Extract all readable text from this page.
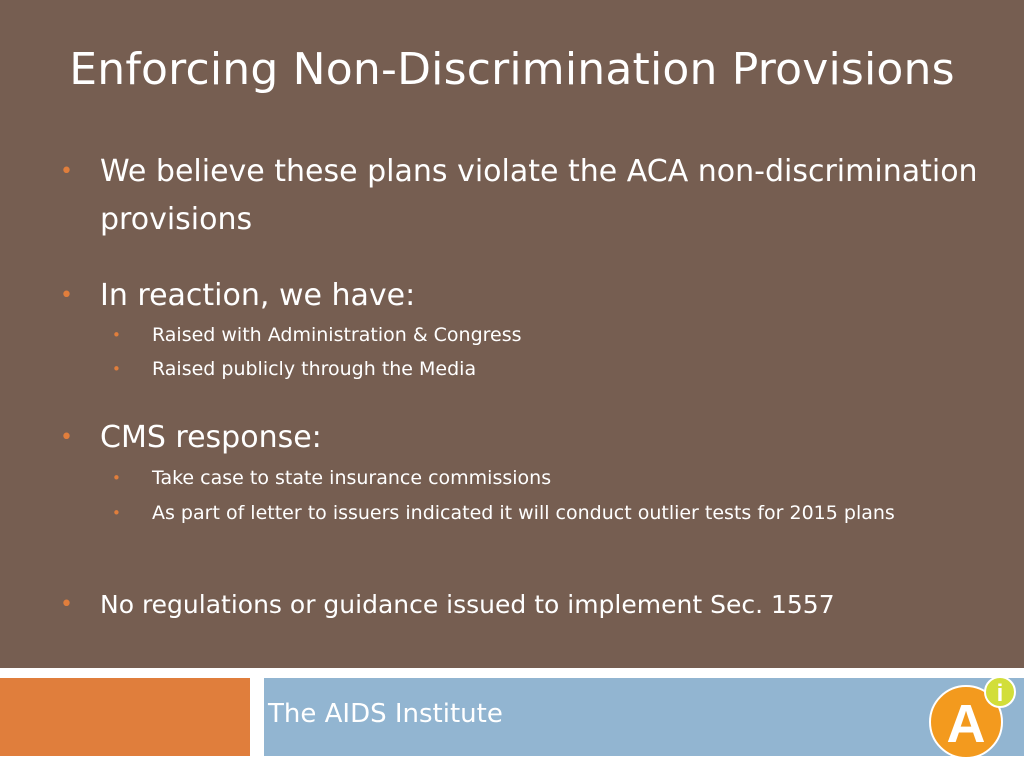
Enforcing Non-Discrimination Provisions
• We believe these plans violate the ACA non-discrimination provisions
• In reaction, we have:
• Raised with Administration & Congress
• Raised publicly through the Media
• CMS response:
• Take case to state insurance commissions
• As part of letter to issuers indicated it will conduct outlier tests for 2015 plans
• No regulations or guidance issued to implement Sec. 1557
The AIDS Institute	A
i
